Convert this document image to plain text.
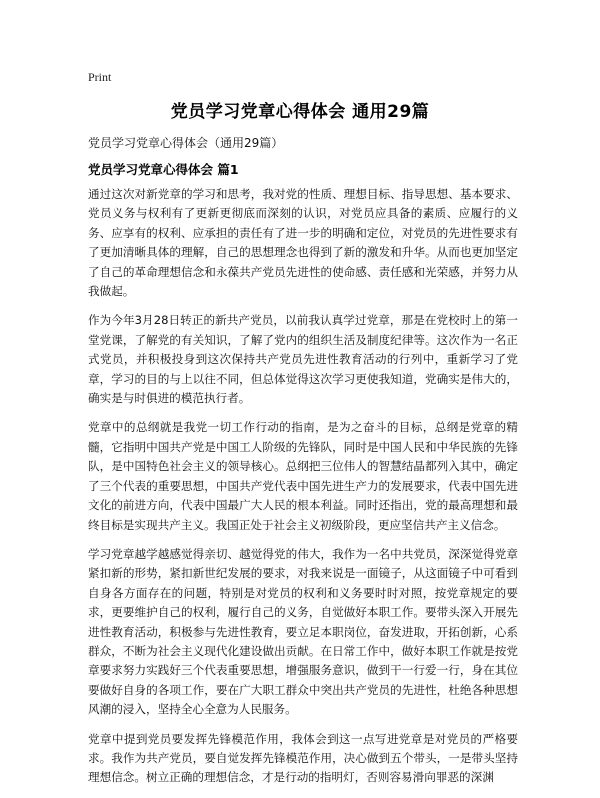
Print
党员学习党章心得体会 通用29篇
党员学习党章心得体会（通用29篇）
党员学习党章心得体会 篇1

通过这次对新党章的学习和思考，我对党的性质、理想目标、指导思想、基本要求、党员义务与权利有了更新更彻底而深刻的认识，对党员应具备的素质、应履行的义务、应享有的权利、应承担的责任有了进一步的明确和定位，对党员的先进性要求有了更加清晰具体的理解，自己的思想理念也得到了新的激发和升华。从而也更加坚定了自己的革命理想信念和永葆共产党员先进性的使命感、责任感和光荣感，并努力从我做起。

作为今年3月28日转正的新共产党员，以前我认真学过党章，那是在党校时上的第一堂党课，了解党的有关知识，了解了党内的组织生活及制度纪律等。这次作为一名正式党员，并积极投身到这次保持共产党员先进性教育活动的行列中，重新学习了党章，学习的目的与上以往不同，但总体觉得这次学习更使我知道，党确实是伟大的，确实是与时俱进的模范执行者。

党章中的总纲就是我党一切工作行动的指南，是为之奋斗的目标，总纲是党章的精髓，它指明中国共产党是中国工人阶级的先锋队，同时是中国人民和中华民族的先锋队，是中国特色社会主义的领导核心。总纲把三位伟人的智慧结晶都列入其中，确定了三个代表的重要思想，中国共产党代表中国先进生产力的发展要求，代表中国先进文化的前进方向，代表中国最广大人民的根本利益。同时还指出，党的最高理想和最终目标是实现共产主义。我国正处于社会主义初级阶段，更应坚信共产主义信念。

学习党章越学越感觉得亲切、越觉得党的伟大，我作为一名中共党员，深深觉得党章紧扣新的形势，紧扣新世纪发展的要求，对我来说是一面镜子，从这面镜子中可看到自身各方面存在的问题，特别是对党员的权利和义务要时时对照，按党章规定的要求，更要维护自己的权利，履行自己的义务，自觉做好本职工作。要带头深入开展先进性教育活动，积极参与先进性教育，要立足本职岗位，奋发进取，开拓创新，心系群众，不断为社会主义现代化建设做出贡献。在日常工作中，做好本职工作就是按党章要求努力实践好三个代表重要思想，增强服务意识，做到干一行爱一行，身在其位要做好自身的各项工作，要在广大职工群众中突出共产党员的先进性，杜绝各种思想风潮的浸入，坚持全心全意为人民服务。

党章中提到党员要发挥先锋模范作用，我体会到这一点写进党章是对党员的严格要求。我作为共产党员，要自觉发挥先锋模范作用，决心做到五个带头，一是带头坚持理想信念。树立正确的理想信念，才是行动的指明灯，否则容易滑向罪恶的深渊
